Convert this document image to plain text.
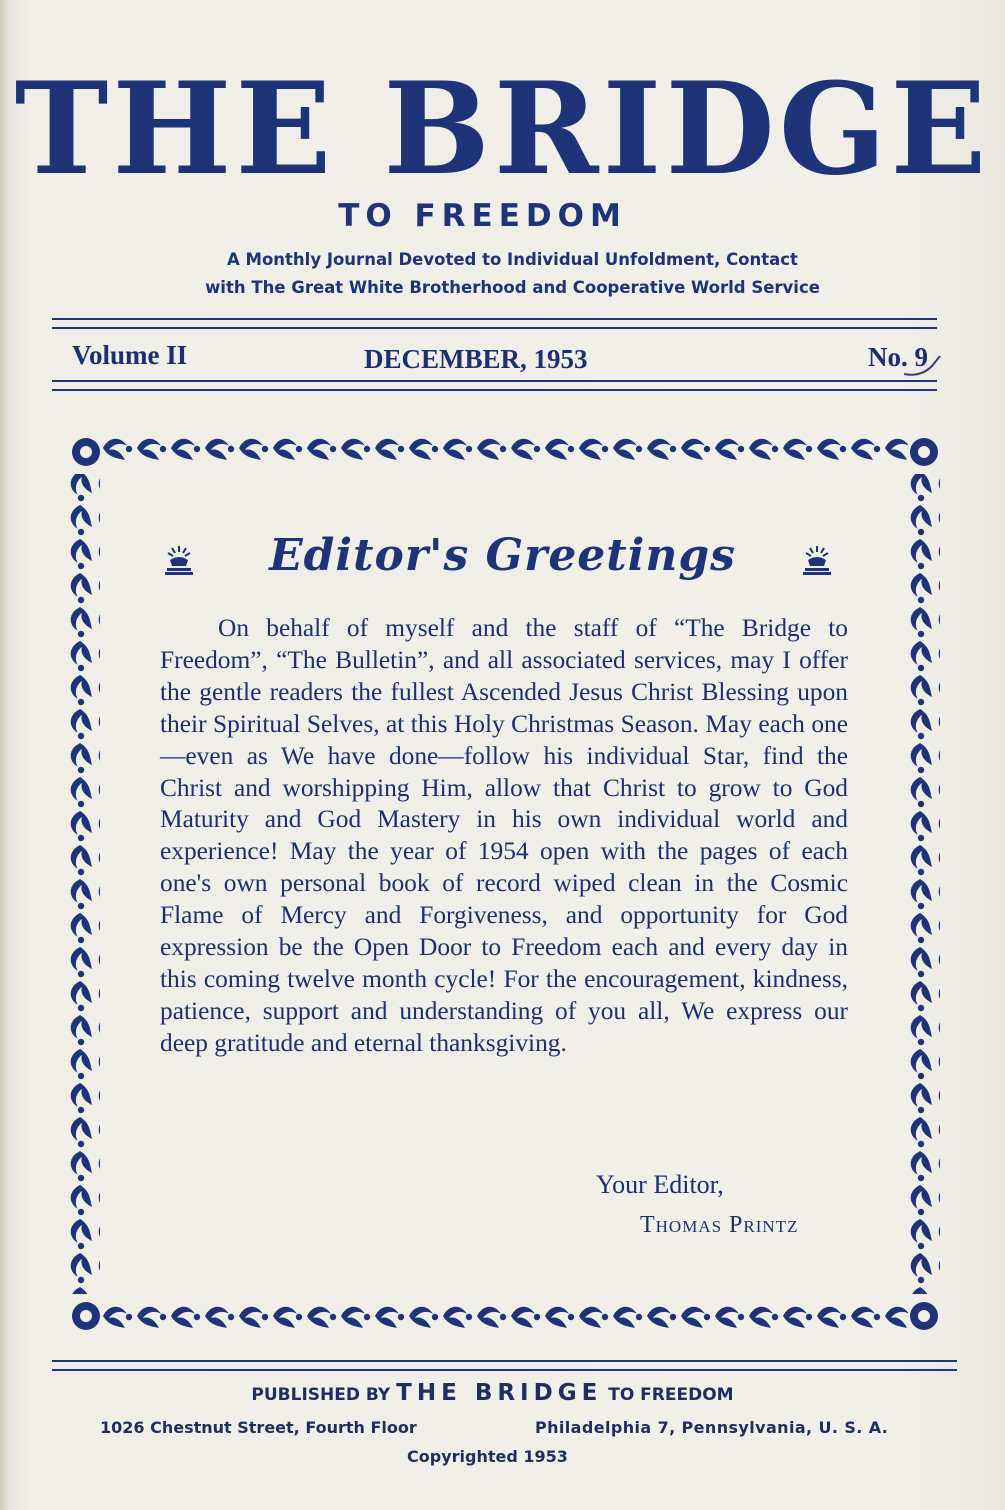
THE BRIDGE
TO FREEDOM
A Monthly Journal Devoted to Individual Unfoldment, Contact
with The Great White Brotherhood and Cooperative World Service
Volume II	DECEMBER, 1953	No. 9
Editor's Greetings

On behalf of myself and the staff of “The Bridge to Freedom”, “The Bulletin”, and all associated services, may I offer the gentle readers the fullest Ascended Jesus Christ Blessing upon their Spiritual Selves, at this Holy Christmas Season. May each one—even as We have done—follow his individual Star, find the Christ and worshipping Him, allow that Christ to grow to God Maturity and God Mastery in his own individual world and experience! May the year of 1954 open with the pages of each one's own personal book of record wiped clean in the Cosmic Flame of Mercy and Forgiveness, and opportunity for God expression be the Open Door to Freedom each and every day in this coming twelve month cycle! For the encouragement, kindness, patience, support and understanding of you all, We express our deep gratitude and eternal thanksgiving.

Your Editor,
Thomas Printz
PUBLISHED BY THE BRIDGE TO FREEDOM
1026 Chestnut Street, Fourth Floor	Philadelphia 7, Pennsylvania, U. S. A.
Copyrighted 1953
